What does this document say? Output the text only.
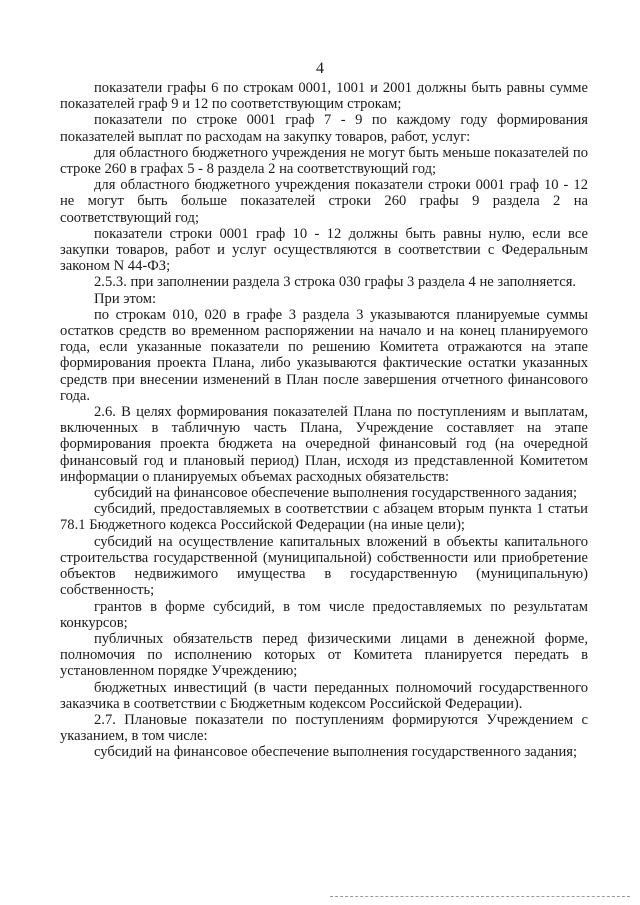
4

показатели графы 6 по строкам 0001, 1001 и 2001 должны быть равны сумме показателей граф 9 и 12 по соответствующим строкам;

показатели по строке 0001 граф 7 - 9 по каждому году формирования показателей выплат по расходам на закупку товаров, работ, услуг:

для областного бюджетного учреждения не могут быть меньше показателей по строке 260 в графах 5 - 8 раздела 2 на соответствующий год;

для областного бюджетного учреждения показатели строки 0001 граф 10 - 12 не могут быть больше показателей строки 260 графы 9 раздела 2 на соответствующий год;

показатели строки 0001 граф 10 - 12 должны быть равны нулю, если все закупки товаров, работ и услуг осуществляются в соответствии с Федеральным законом N 44-ФЗ;

2.5.3. при заполнении раздела 3 строка 030 графы 3 раздела 4 не заполняется.

При этом:

по строкам 010, 020 в графе 3 раздела 3 указываются планируемые суммы остатков средств во временном распоряжении на начало и на конец планируемого года, если указанные показатели по решению Комитета отражаются на этапе формирования проекта Плана, либо указываются фактические остатки указанных средств при внесении изменений в План после завершения отчетного финансового года.

2.6. В целях формирования показателей Плана по поступлениям и выплатам, включенных в табличную часть Плана, Учреждение составляет на этапе формирования проекта бюджета на очередной финансовый год (на очередной финансовый год и плановый период) План, исходя из представленной Комитетом информации о планируемых объемах расходных обязательств:

субсидий на финансовое обеспечение выполнения государственного задания;

субсидий, предоставляемых в соответствии с абзацем вторым пункта 1 статьи 78.1 Бюджетного кодекса Российской Федерации (на иные цели);

субсидий на осуществление капитальных вложений в объекты капитального строительства государственной (муниципальной) собственности или приобретение объектов недвижимого имущества в государственную (муниципальную) собственность;

грантов в форме субсидий, в том числе предоставляемых по результатам конкурсов;

публичных обязательств перед физическими лицами в денежной форме, полномочия по исполнению которых от Комитета планируется передать в установленном порядке Учреждению;

бюджетных инвестиций (в части переданных полномочий государственного заказчика в соответствии с Бюджетным кодексом Российской Федерации).

2.7. Плановые показатели по поступлениям формируются Учреждением с указанием, в том числе:

субсидий на финансовое обеспечение выполнения государственного задания;
